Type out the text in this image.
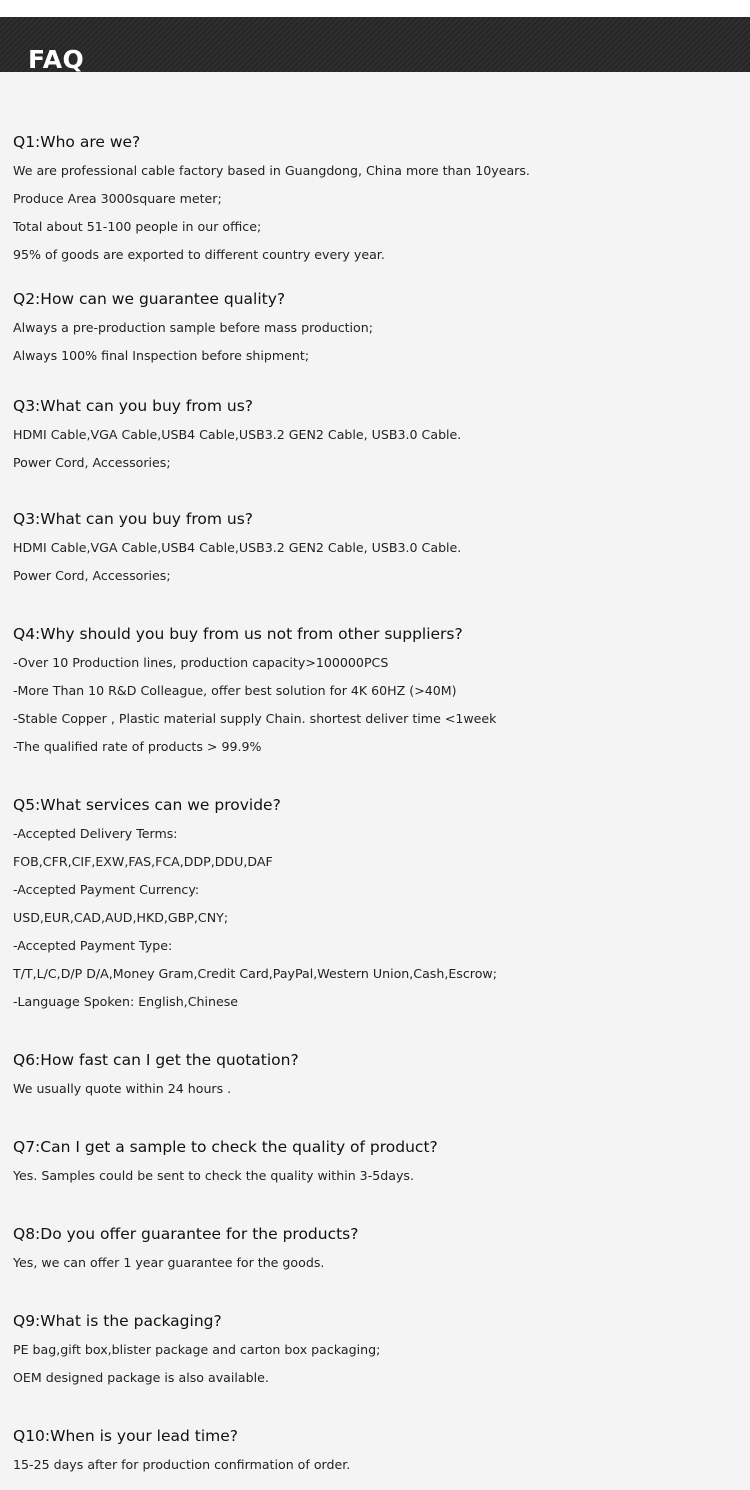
FAQ
Q1:Who are we?

We are professional cable factory based in Guangdong, China more than 10years.

Produce Area 3000square meter;

Total about 51-100 people in our office;

95% of goods are exported to different country every year.

Q2:How can we guarantee quality?

Always a pre-production sample before mass production;

Always 100% final Inspection before shipment;

Q3:What can you buy from us?

HDMI Cable,VGA Cable,USB4 Cable,USB3.2 GEN2 Cable, USB3.0 Cable.

Power Cord, Accessories;

Q3:What can you buy from us?

HDMI Cable,VGA Cable,USB4 Cable,USB3.2 GEN2 Cable, USB3.0 Cable.

Power Cord, Accessories;

Q4:Why should you buy from us not from other suppliers?

-Over 10 Production lines, production capacity>100000PCS

-More Than 10 R&D Colleague, offer best solution for 4K 60HZ (>40M)

-Stable Copper , Plastic material supply Chain. shortest deliver time <1week

-The qualified rate of products > 99.9%

Q5:What services can we provide?

-Accepted Delivery Terms:

FOB,CFR,CIF,EXW,FAS,FCA,DDP,DDU,DAF

-Accepted Payment Currency:

USD,EUR,CAD,AUD,HKD,GBP,CNY;

-Accepted Payment Type:

T/T,L/C,D/P D/A,Money Gram,Credit Card,PayPal,Western Union,Cash,Escrow;

-Language Spoken: English,Chinese

Q6:How fast can I get the quotation?

We usually quote within 24 hours .

Q7:Can I get a sample to check the quality of product?

Yes. Samples could be sent to check the quality within 3-5days.

Q8:Do you offer guarantee for the products?

Yes, we can offer 1 year guarantee for the goods.

Q9:What is the packaging?

PE bag,gift box,blister package and carton box packaging;

OEM designed package is also available.

Q10:When is your lead time?

15-25 days after for production confirmation of order.
